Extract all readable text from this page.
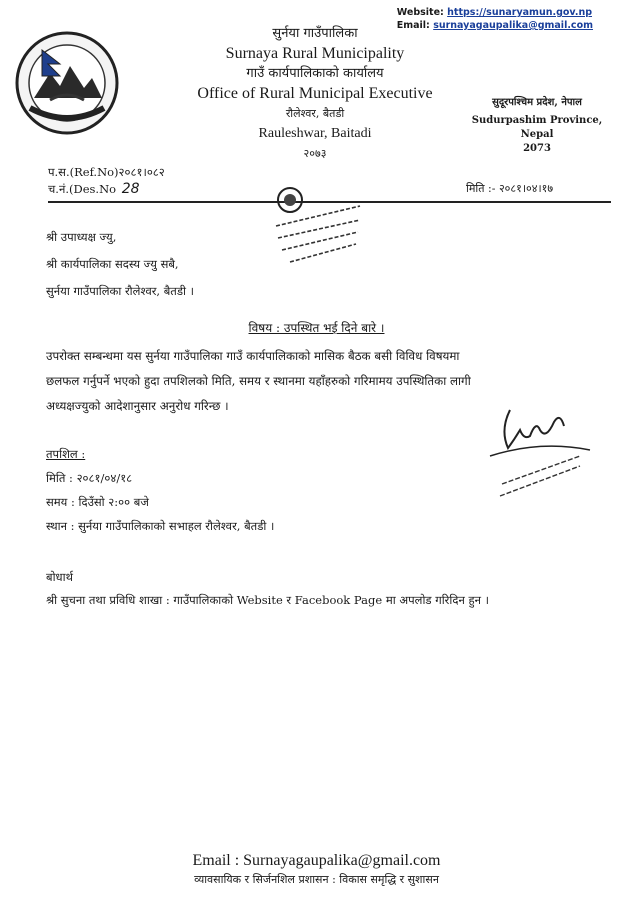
Website: https://sunaryamun.gov.np
Email: surnayagaupalika@gmail.com
सुर्नया गाउँपालिका
Surnaya Rural Municipality
गाउँ कार्यपालिकाको कार्यालय
Office of Rural Municipal Executive
रौलेश्वर, बैतडी
Rauleshwar, Baitadi
२०७३
सुदूरपश्चिम प्रदेश, नेपाल
Sudurpashim Province,
Nepal
2073
प.स.(Ref.No)२०८१।०८२
च.नं.(Des.No 28	मिति :- २०८१।०४।१७
श्री उपाध्यक्ष ज्यु,
श्री कार्यपालिका सदस्य ज्यु सबै,
सुर्नया गाउँपालिका रौलेश्वर, बैतडी ।
विषय : उपस्थित भई दिने बारे ।
उपरोक्त सम्बन्धमा यस सुर्नया गाउँपालिका गाउँ कार्यपालिकाको मासिक बैठक बसी विविध विषयमा
छलफल गर्नुपर्ने भएको हुदा तपशिलको मिति, समय र स्थानमा यहाँहरुको गरिमामय उपस्थितिका लागी
अध्यक्षज्युको आदेशानुसार अनुरोध गरिन्छ ।
तपशिल :
मिति : २०८१/०४/१८
समय : दिउँसो २:०० बजे
स्थान : सुर्नया गाउँपालिकाको सभाहल रौलेश्वर, बैतडी ।
बोधार्थ
श्री सुचना तथा प्रविधि शाखा : गाउँपालिकाको Website र Facebook Page मा अपलोड गरिदिन हुन ।
Email : Surnayagaupalika@gmail.com
व्यावसायिक र सिर्जनशिल प्रशासन : विकास समृद्धि र सुशासन
